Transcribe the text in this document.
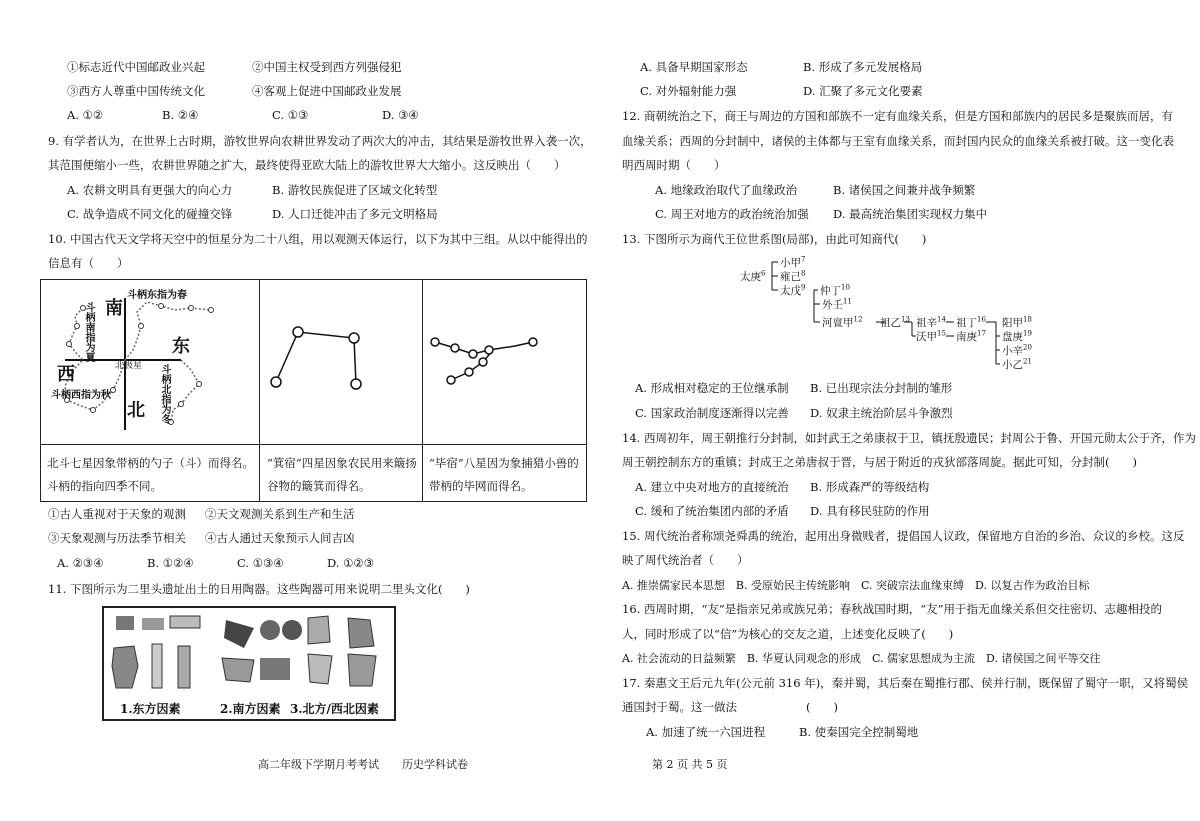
①标志近代中国邮政业兴起	②中国主权受到西方列强侵犯
③西方人尊重中国传统文化	④客观上促进中国邮政业发展
A. ①②	B. ②④	C. ①③	D. ③④
9. 有学者认为，在世界上古时期，游牧世界向农耕世界发动了两次大的冲击，其结果是游牧世界入袭一次，
其范围便缩小一些，农耕世界随之扩大，最终使得亚欧大陆上的游牧世界大大缩小。这反映出（　　）
A. 农耕文明具有更强大的向心力	B. 游牧民族促进了区域文化转型
C. 战争造成不同文化的碰撞交锋	D. 人口迁徙冲击了多元文明格局
10. 中国古代天文学将天空中的恒星分为二十八组，用以观测天体运行，以下为其中三组。从以中能得出的
信息有（　　）
南
斗柄东指为春
斗柄南指为夏	东
北极星
西	斗柄北指为冬
斗柄西指为秋
北
北斗七星因象带柄的勺子（斗）而得名。斗柄的指向四季不同。
“箕宿”四星因象农民用来簸扬谷物的簸箕而得名。
“毕宿”八星因为象捕猎小兽的带柄的毕网而得名。
①古人重视对于天象的观测 ②天文观测关系到生产和生活
③天象观测与历法季节相关 ④古人通过天象预示人间吉凶
A. ②③④	B. ①②④	C. ①③④	D. ①②③
11. 下图所示为二里头遗址出土的日用陶器。这些陶器可用来说明二里头文化(　　)
1.东方因素	2.南方因素 3.北方/西北因素
高二年级下学期月考考试 历史学科试卷
A. 具备早期国家形态	B. 形成了多元发展格局
C. 对外辐射能力强	D. 汇聚了多元文化要素
12. 商朝统治之下，商王与周边的方国和部族不一定有血缘关系，但是方国和部族内的居民多是聚族而居，有
血缘关系；西周的分封制中，诸侯的主体都与王室有血缘关系，而封国内民众的血缘关系被打破。这一变化表
明西周时期（　　）
A. 地缘政治取代了血缘政治	B. 诸侯国之间兼并战争频繁
C. 周王对地方的政治统治加强 D. 最高统治集团实现权力集中
13. 下图所示为商代王位世系图(局部)，由此可知商代(　　)
太庚$^6$
小甲$^7$
雍己$^8$
太戊$^9$ 仲丁$^{10}$
外壬$^{11}$
河亶甲$^{12}$ 祖乙$^{13}$ 祖辛$^{14}$
沃甲$^{15}$
祖丁$^{16}$
南庚$^{17}$
阳甲$^{18}$
盘庚$^{19}$
小辛$^{20}$
小乙$^{21}$
A. 形成相对稳定的王位继承制 B. 已出现宗法分封制的雏形
C. 国家政治制度逐渐得以完善 D. 奴隶主统治阶层斗争激烈
14. 西周初年，周王朝推行分封制，如封武王之弟康叔于卫，镇抚殷遗民；封周公于鲁、开国元勋太公于齐，作为
周王朝控制东方的重镇；封成王之弟唐叔于晋，与居于附近的戎狄部落周旋。据此可知，分封制(　　)
A. 建立中央对地方的直接统治 B. 形成森严的等级结构
C. 缓和了统治集团内部的矛盾 D. 具有移民驻防的作用
15. 周代统治者称颂尧舜禹的统治，起用出身微贱者，提倡国人议政，保留地方自治的乡治、众议的乡校。这反
映了周代统治者（　　）
A. 推崇儒家民本思想　B. 受原始民主传统影响　C. 突破宗法血缘束缚　D. 以复古作为政治目标
16. 西周时期，“友”是指亲兄弟或族兄弟；春秋战国时期，“友”用于指无血缘关系但交往密切、志趣相投的
人，同时形成了以“信”为核心的交友之道，上述变化反映了(　　)
A. 社会流动的日益频繁　B. 华夏认同观念的形成　C. 儒家思想成为主流　D. 诸侯国之间平等交往
17. 秦惠文王后元九年(公元前 316 年)，秦并蜀，其后秦在蜀推行郡、侯并行制，既保留了蜀守一职，又将蜀侯
通国封于蜀。这一做法　　　　　　(　　)
A. 加速了统一六国进程	B. 使秦国完全控制蜀地
第 2 页 共 5 页
